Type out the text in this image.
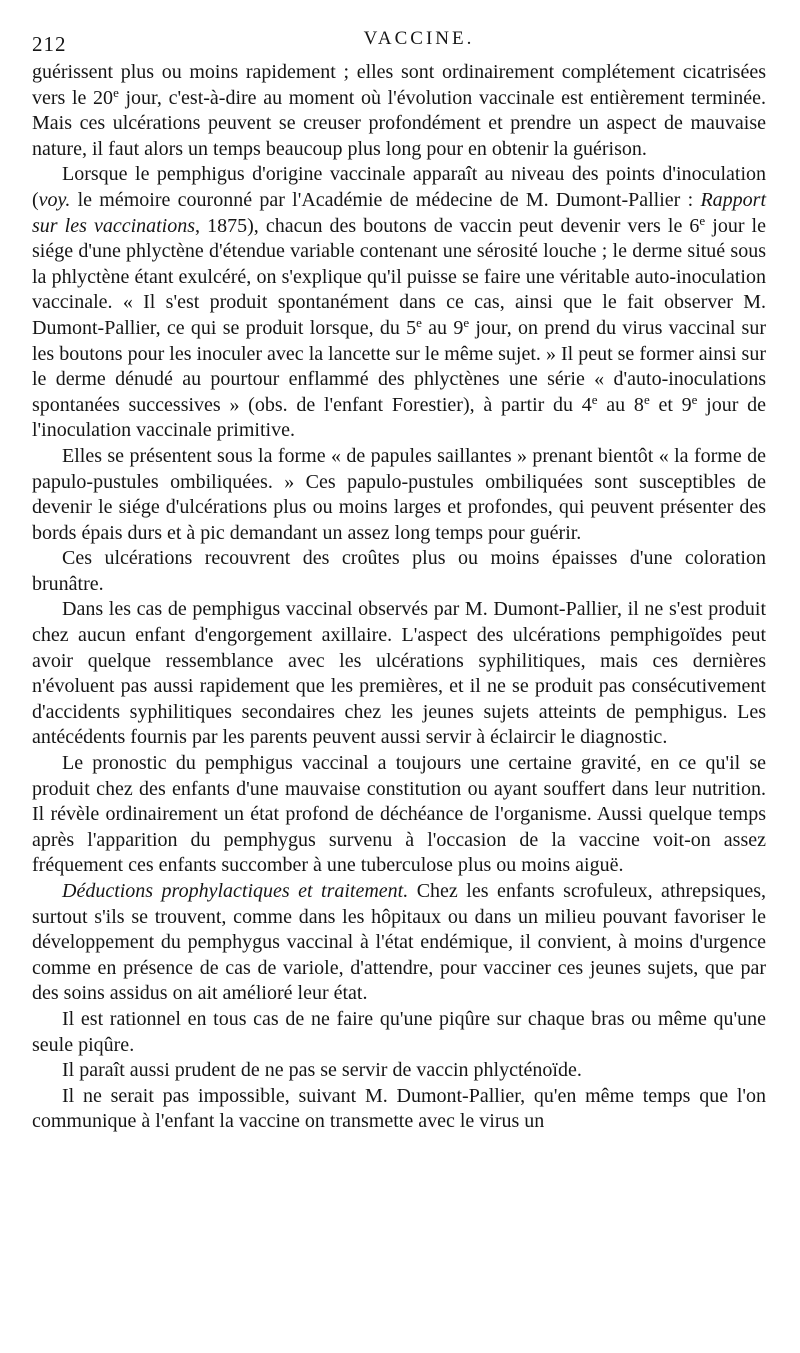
212	VACCINE.

guérissent plus ou moins rapidement ; elles sont ordinairement complétement cicatrisées vers le 20e jour, c'est-à-dire au moment où l'évolution vaccinale est entièrement terminée. Mais ces ulcérations peuvent se creuser profondément et prendre un aspect de mauvaise nature, il faut alors un temps beaucoup plus long pour en obtenir la guérison.

Lorsque le pemphigus d'origine vaccinale apparaît au niveau des points d'inoculation (voy. le mémoire couronné par l'Académie de médecine de M. Dumont-Pallier : Rapport sur les vaccinations, 1875), chacun des boutons de vaccin peut devenir vers le 6e jour le siége d'une phlyctène d'étendue variable contenant une sérosité louche ; le derme situé sous la phlyctène étant exulcéré, on s'explique qu'il puisse se faire une véritable auto-inoculation vaccinale. « Il s'est produit spontanément dans ce cas, ainsi que le fait observer M. Dumont-Pallier, ce qui se produit lorsque, du 5e au 9e jour, on prend du virus vaccinal sur les boutons pour les inoculer avec la lancette sur le même sujet. » Il peut se former ainsi sur le derme dénudé au pourtour enflammé des phlyctènes une série « d'auto-inoculations spontanées successives » (obs. de l'enfant Forestier), à partir du 4e au 8e et 9e jour de l'inoculation vaccinale primitive.

Elles se présentent sous la forme « de papules saillantes » prenant bientôt « la forme de papulo-pustules ombiliquées. » Ces papulo-pustules ombiliquées sont susceptibles de devenir le siége d'ulcérations plus ou moins larges et profondes, qui peuvent présenter des bords épais durs et à pic demandant un assez long temps pour guérir.

Ces ulcérations recouvrent des croûtes plus ou moins épaisses d'une coloration brunâtre.

Dans les cas de pemphigus vaccinal observés par M. Dumont-Pallier, il ne s'est produit chez aucun enfant d'engorgement axillaire. L'aspect des ulcérations pemphigoïdes peut avoir quelque ressemblance avec les ulcérations syphilitiques, mais ces dernières n'évoluent pas aussi rapidement que les premières, et il ne se produit pas consécutivement d'accidents syphilitiques secondaires chez les jeunes sujets atteints de pemphigus. Les antécédents fournis par les parents peuvent aussi servir à éclaircir le diagnostic.

Le pronostic du pemphigus vaccinal a toujours une certaine gravité, en ce qu'il se produit chez des enfants d'une mauvaise constitution ou ayant souffert dans leur nutrition. Il révèle ordinairement un état profond de déchéance de l'organisme. Aussi quelque temps après l'apparition du pemphygus survenu à l'occasion de la vaccine voit-on assez fréquement ces enfants succomber à une tuberculose plus ou moins aiguë.

Déductions prophylactiques et traitement. Chez les enfants scrofuleux, athrepsiques, surtout s'ils se trouvent, comme dans les hôpitaux ou dans un milieu pouvant favoriser le développement du pemphygus vaccinal à l'état endémique, il convient, à moins d'urgence comme en présence de cas de variole, d'attendre, pour vacciner ces jeunes sujets, que par des soins assidus on ait amélioré leur état.

Il est rationnel en tous cas de ne faire qu'une piqûre sur chaque bras ou même qu'une seule piqûre.

Il paraît aussi prudent de ne pas se servir de vaccin phlycténoïde.

Il ne serait pas impossible, suivant M. Dumont-Pallier, qu'en même temps que l'on communique à l'enfant la vaccine on transmette avec le virus un
